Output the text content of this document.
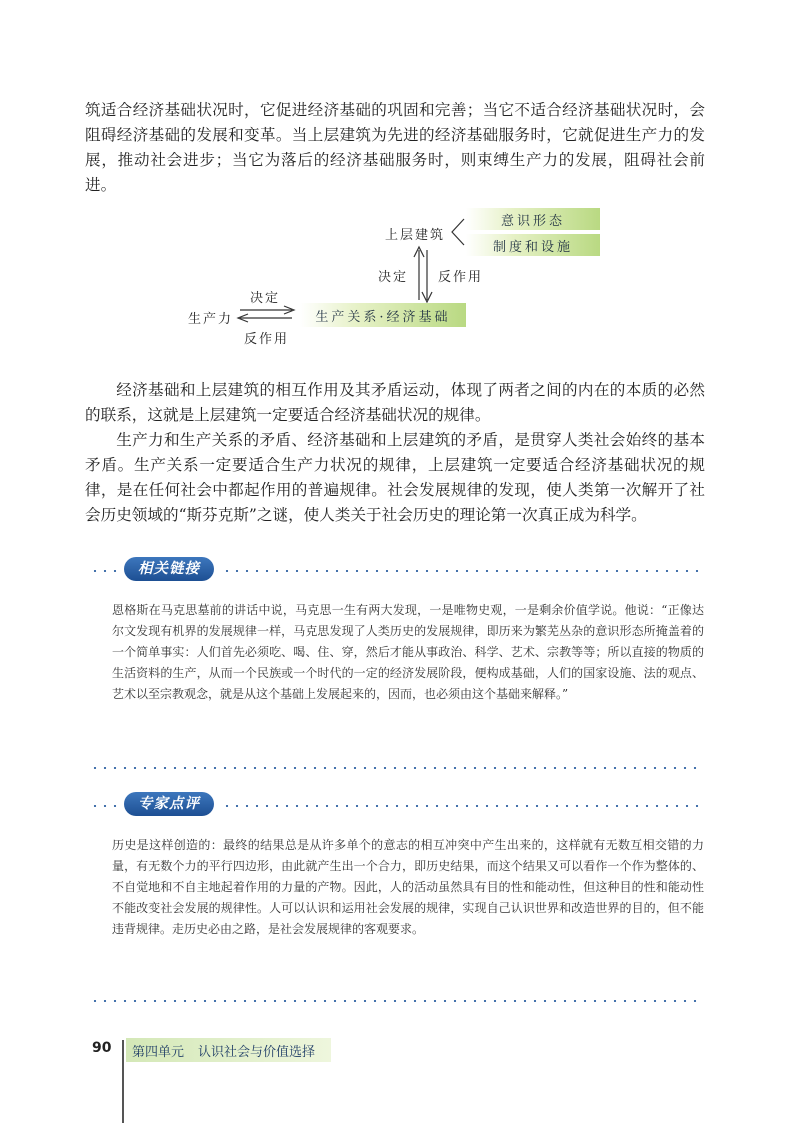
筑适合经济基础状况时，它促进经济基础的巩固和完善；当它不适合经济基础状况时，会阻碍经济基础的发展和变革。当上层建筑为先进的经济基础服务时，它就促进生产力的发展，推动社会进步；当它为落后的经济基础服务时，则束缚生产力的发展，阻碍社会前进。

上层建筑
意识形态
制度和设施
决定 反作用
生产力
决定
反作用
生产关系·经济基础

经济基础和上层建筑的相互作用及其矛盾运动，体现了两者之间的内在的本质的必然的联系，这就是上层建筑一定要适合经济基础状况的规律。

生产力和生产关系的矛盾、经济基础和上层建筑的矛盾，是贯穿人类社会始终的基本矛盾。生产关系一定要适合生产力状况的规律，上层建筑一定要适合经济基础状况的规律，是在任何社会中都起作用的普遍规律。社会发展规律的发现，使人类第一次解开了社会历史领域的“斯芬克斯”之谜，使人类关于社会历史的理论第一次真正成为科学。

相关链接

恩格斯在马克思墓前的讲话中说，马克思一生有两大发现，一是唯物史观，一是剩余价值学说。他说：“正像达尔文发现有机界的发展规律一样，马克思发现了人类历史的发展规律，即历来为繁芜丛杂的意识形态所掩盖着的一个简单事实：人们首先必须吃、喝、住、穿，然后才能从事政治、科学、艺术、宗教等等；所以直接的物质的生活资料的生产，从而一个民族或一个时代的一定的经济发展阶段，便构成基础，人们的国家设施、法的观点、艺术以至宗教观念，就是从这个基础上发展起来的，因而，也必须由这个基础来解释。”

专家点评

历史是这样创造的：最终的结果总是从许多单个的意志的相互冲突中产生出来的，这样就有无数互相交错的力量，有无数个力的平行四边形，由此就产生出一个合力，即历史结果，而这个结果又可以看作一个作为整体的、不自觉地和不自主地起着作用的力量的产物。因此，人的活动虽然具有目的性和能动性，但这种目的性和能动性不能改变社会发展的规律性。人可以认识和运用社会发展的规律，实现自己认识世界和改造世界的目的，但不能违背规律。走历史必由之路，是社会发展规律的客观要求。

90 第四单元 认识社会与价值选择
